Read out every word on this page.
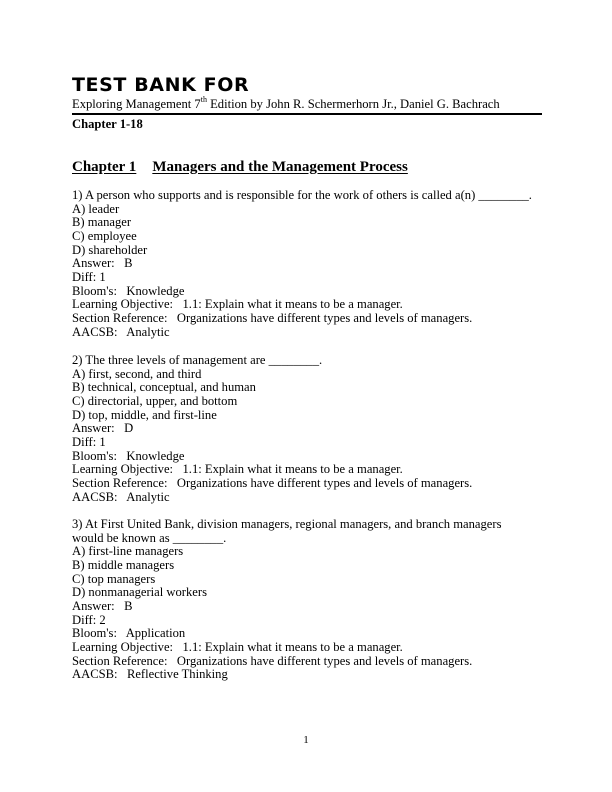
TEST BANK FOR
Exploring Management 7th Edition by John R. Schermerhorn Jr., Daniel G. Bachrach
Chapter 1-18
Chapter 1 Managers and the Management Process
1) A person who supports and is responsible for the work of others is called a(n) ________.
A) leader
B) manager
C) employee
D) shareholder
Answer:   B
Diff: 1
Bloom's:   Knowledge
Learning Objective:   1.1: Explain what it means to be a manager.
Section Reference:   Organizations have different types and levels of managers.
AACSB:   Analytic
2) The three levels of management are ________.
A) first, second, and third
B) technical, conceptual, and human
C) directorial, upper, and bottom
D) top, middle, and first-line
Answer:   D
Diff: 1
Bloom's:   Knowledge
Learning Objective:   1.1: Explain what it means to be a manager.
Section Reference:   Organizations have different types and levels of managers.
AACSB:   Analytic
3) At First United Bank, division managers, regional managers, and branch managers would be known as ________.
A) first-line managers
B) middle managers
C) top managers
D) nonmanagerial workers
Answer:   B
Diff: 2
Bloom's:   Application
Learning Objective:   1.1: Explain what it means to be a manager.
Section Reference:   Organizations have different types and levels of managers.
AACSB:   Reflective Thinking
1
